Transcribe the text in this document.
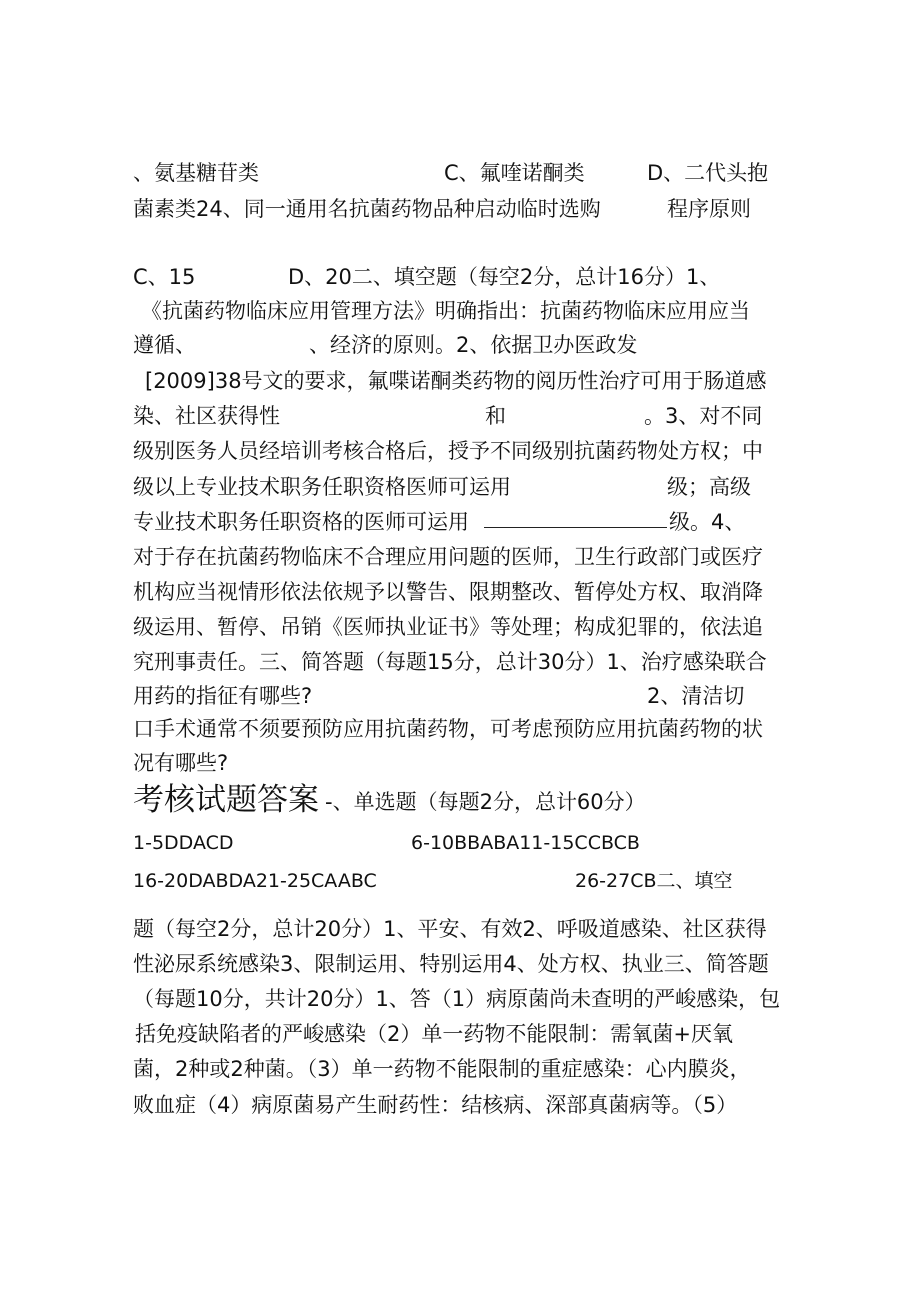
、氨基糖苷类	C、氟喹诺酮类	D、二代头抱
菌素类24、同一通用名抗菌药物品种启动临时选购	程序原则
C、15	D、20二、填空题（每空2分，总计16分）1、
《抗菌药物临床应用管理方法》明确指出：抗菌药物临床应用应当
遵循、	、经济的原则。2、依据卫办医政发
[2009]38号文的要求，氟喋诺酮类药物的阅历性治疗可用于肠道感
染、社区获得性	和	。3、对不同
级别医务人员经培训考核合格后，授予不同级别抗菌药物处方权；中
级以上专业技术职务任职资格医师可运用	级；高级
专业技术职务任职资格的医师可运用	级。4、
对于存在抗菌药物临床不合理应用问题的医师，卫生行政部门或医疗
机构应当视情形依法依规予以警告、限期整改、暂停处方权、取消降
级运用、暂停、吊销《医师执业证书》等处理；构成犯罪的，依法追
究刑事责任。三、简答题（每题15分，总计30分）1、治疗感染联合
用药的指征有哪些?	2、清洁切
口手术通常不须要预防应用抗菌药物，可考虑预防应用抗菌药物的状
况有哪些?
考核试题答案 -、单选题（每题2分，总计60分）
1-5DDACD	6-10BBABA11-15CCBCB
16-20DABDA21-25CAABC	26-27CB二、填空
题（每空2分，总计20分）1、平安、有效2、呼吸道感染、社区获得
性泌尿系统感染3、限制运用、特别运用4、处方权、执业三、简答题
（每题10分，共计20分）1、答（1）病原菌尚未查明的严峻感染，包
括免疫缺陷者的严峻感染（2）单一药物不能限制：需氧菌+厌氧
菌，2种或2种菌。（3）单一药物不能限制的重症感染：心内膜炎，
败血症（4）病原菌易产生耐药性：结核病、深部真菌病等。（5）
